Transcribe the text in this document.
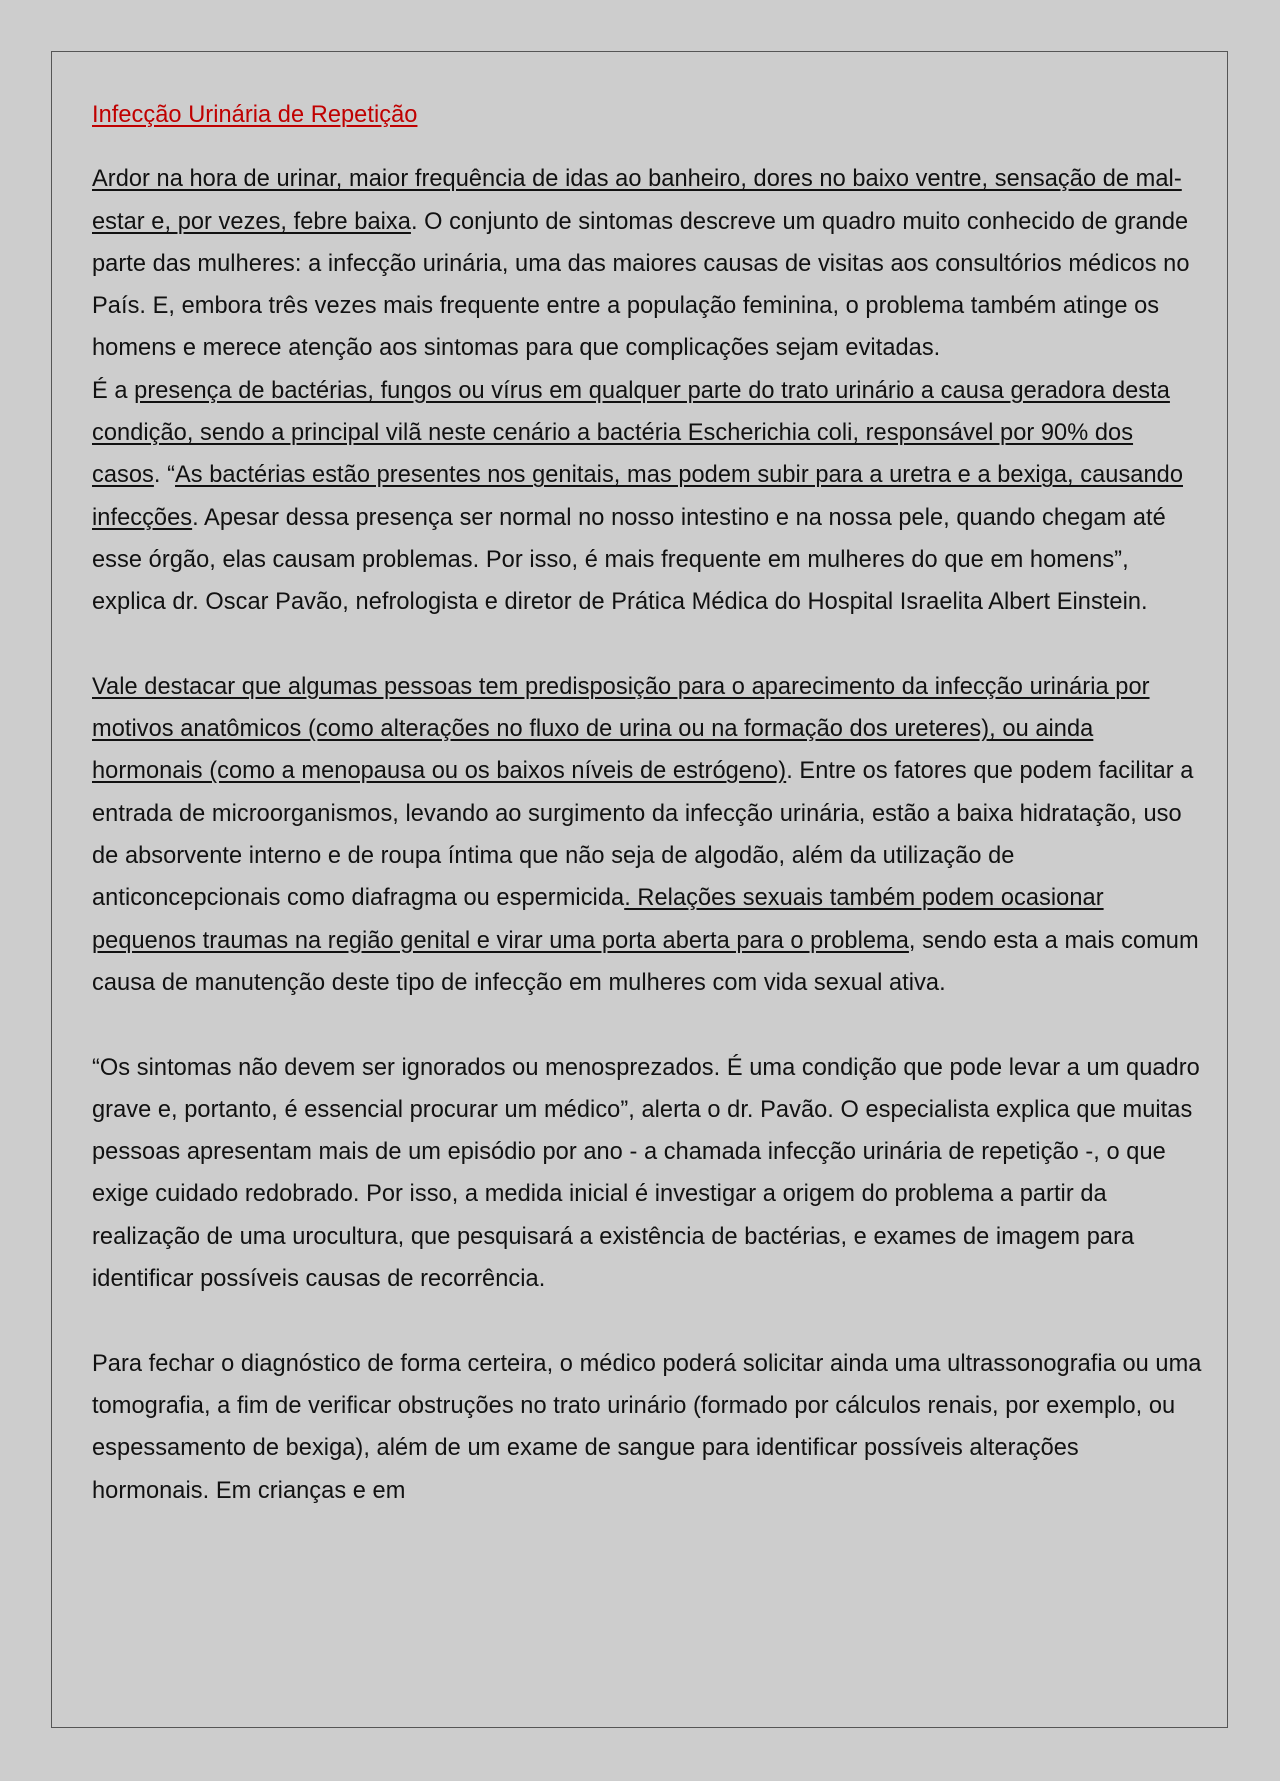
Infecção Urinária de Repetição

Ardor na hora de urinar, maior frequência de idas ao banheiro, dores no baixo ventre, sensação de mal-estar e, por vezes, febre baixa. O conjunto de sintomas descreve um quadro muito conhecido de grande parte das mulheres: a infecção urinária, uma das maiores causas de visitas aos consultórios médicos no País. E, embora três vezes mais frequente entre a população feminina, o problema também atinge os homens e merece atenção aos sintomas para que complicações sejam evitadas.

É a presença de bactérias, fungos ou vírus em qualquer parte do trato urinário a causa geradora desta condição, sendo a principal vilã neste cenário a bactéria Escherichia coli, responsável por 90% dos casos. “As bactérias estão presentes nos genitais, mas podem subir para a uretra e a bexiga, causando infecções. Apesar dessa presença ser normal no nosso intestino e na nossa pele, quando chegam até esse órgão, elas causam problemas. Por isso, é mais frequente em mulheres do que em homens”, explica dr. Oscar Pavão, nefrologista e diretor de Prática Médica do Hospital Israelita Albert Einstein.

Vale destacar que algumas pessoas tem predisposição para o aparecimento da infecção urinária por motivos anatômicos (como alterações no fluxo de urina ou na formação dos ureteres), ou ainda hormonais (como a menopausa ou os baixos níveis de estrógeno). Entre os fatores que podem facilitar a entrada de microorganismos, levando ao surgimento da infecção urinária, estão a baixa hidratação, uso de absorvente interno e de roupa íntima que não seja de algodão, além da utilização de anticoncepcionais como diafragma ou espermicida. Relações sexuais também podem ocasionar pequenos traumas na região genital e virar uma porta aberta para o problema, sendo esta a mais comum causa de manutenção deste tipo de infecção em mulheres com vida sexual ativa.

“Os sintomas não devem ser ignorados ou menosprezados. É uma condição que pode levar a um quadro grave e, portanto, é essencial procurar um médico”, alerta o dr. Pavão. O especialista explica que muitas pessoas apresentam mais de um episódio por ano - a chamada infecção urinária de repetição -, o que exige cuidado redobrado. Por isso, a medida inicial é investigar a origem do problema a partir da realização de uma urocultura, que pesquisará a existência de bactérias, e exames de imagem para identificar possíveis causas de recorrência.

Para fechar o diagnóstico de forma certeira, o médico poderá solicitar ainda uma ultrassonografia ou uma tomografia, a fim de verificar obstruções no trato urinário (formado por cálculos renais, por exemplo, ou espessamento de bexiga), além de um exame de sangue para identificar possíveis alterações hormonais. Em crianças e em
